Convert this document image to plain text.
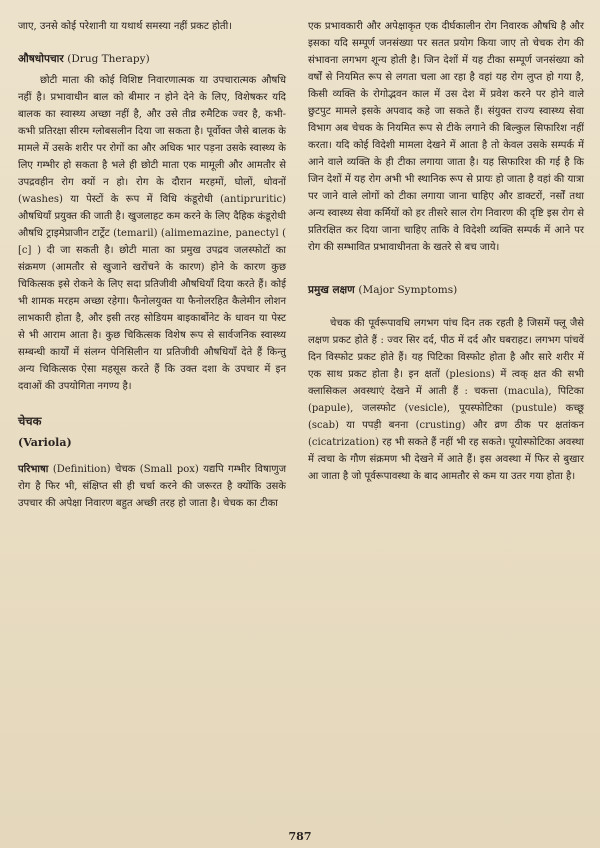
जाए, उनसे कोई परेशानी या यथार्थ समस्या नहीं प्रकट होती।

औषधोपचार (Drug Therapy)

छोटी माता की कोई विशिष्ट निवारणात्मक या उपचारात्मक औषधि नहीं है। प्रभावाधीन बाल को बीमार न होने देने के लिए, विशेषकर यदि बालक का स्वास्थ्य अच्छा नहीं है, और उसे तीव्र रुमैटिक ज्वर है, कभी-कभी प्रतिरक्षा सीरम ग्लोबसलीन दिया जा सकता है। पूर्वोक्त जैसे बालक के मामले में उसके शरीर पर रोगों का और अधिक भार पड़ना उसके स्वास्थ्य के लिए गम्भीर हो सकता है भले ही छोटी माता एक मामूली और आमतौर से उपद्रवहीन रोग क्यों न हो। रोग के दौरान मरहमों, घोलों, धोवनों (washes) या पेस्टों के रूप में विधि कंडूरोधी (antipruritic) औषधियाँ प्रयुक्त की जाती है। खुजलाहट कम करने के लिए दैहिक कंडूरोधी औषधि ट्राइमेप्राजीन टार्ट्रेट (temaril) (alimemazine, panectyl ( [c] ) दी जा सकती है। छोटी माता का प्रमुख उपद्रव जलस्फोटों का संक्रमण (आमतौर से खुजाने खरोंचने के कारण) होने के कारण कुछ चिकित्सक इसे रोकने के लिए सदा प्रतिजीवी औषधियाँ दिया करते हैं। कोई भी शामक मरहम अच्छा रहेगा। फैनोलयुक्त या फैनोलरहित कैलेमीन लोशन लाभकारी होता है, और इसी तरह सोडियम बाइकार्बोनेट के धावन या पेस्ट से भी आराम आता है। कुछ चिकित्सक विशेष रूप से सार्वजनिक स्वास्थ्य सम्बन्धी कार्यों में संलग्न पेनिसिलीन या प्रतिजीवी औषधियाँ देते हैं किन्तु अन्य चिकित्सक ऐसा महसूस करते हैं कि उक्त दशा के उपचार में इन दवाओं की उपयोगिता नगण्य है।

चेचक
(Variola)

परिभाषा (Definition) चेचक (Small pox) यद्यपि गम्भीर विषाणुज रोग है फिर भी, संक्षिप्त सी ही चर्चा करने की जरूरत है क्योंकि उसके उपचार की अपेक्षा निवारण बहुत अच्छी तरह हो जाता है। चेचक का टीका

एक प्रभावकारी और अपेक्षाकृत एक दीर्घकालीन रोग निवारक औषधि है और इसका यदि सम्पूर्ण जनसंख्या पर सतत प्रयोग किया जाए तो चेचक रोग की संभावना लगभग शून्य होती है। जिन देशों में यह टीका सम्पूर्ण जनसंख्या को वर्षों से नियमित रूप से लगता चला आ रहा है वहां यह रोग लुप्त हो गया है, किसी व्यक्ति के रोगोद्भवन काल में उस देश में प्रवेश करने पर होने वाले छुटपुट मामले इसके अपवाद कहे जा सकते हैं। संयुक्त राज्य स्वास्थ्य सेवा विभाग अब चेचक के नियमित रूप से टीके लगाने की बिल्कुल सिफारिश नहीं करता। यदि कोई विदेशी मामला देखने में आता है तो केवल उसके सम्पर्क में आने वाले व्यक्ति के ही टीका लगाया जाता है। यह सिफारिश की गई है कि जिन देशों में यह रोग अभी भी स्थानिक रूप से प्रायः हो जाता है वहां की यात्रा पर जाने वाले लोगों को टीका लगाया जाना चाहिए और डाक्टरों, नर्सों तथा अन्य स्वास्थ्य सेवा कर्मियों को हर तीसरे साल रोग निवारण की दृष्टि इस रोग से प्रतिरक्षित कर दिया जाना चाहिए ताकि वे विदेशी व्यक्ति सम्पर्क में आने पर रोग की सम्भावित प्रभावाधीनता के खतरे से बच जाये।

प्रमुख लक्षण (Major Symptoms)

चेचक की पूर्वरूपावधि लगभग पांच दिन तक रहती है जिसमें फ्लू जैसे लक्षण प्रकट होते हैं : ज्वर सिर दर्द, पीठ में दर्द और घबराहट। लगभग पांचवें दिन विस्फोट प्रकट होते हैं। यह पिटिका विस्फोट होता है और सारे शरीर में एक साथ प्रकट होता है। इन क्षतों (plesions) में त्वक् क्षत की सभी क्लासिकल अवस्थाएं देखने में आती हैं : चकत्ता (macula), पिटिका (papule), जलस्फोट (vesicle), पूयस्फोटिका (pustule) कच्छू (scab) या पपड़ी बनना (crusting) और व्रण ठीक पर क्षतांकन (cicatrization) रह भी सकते हैं नहीं भी रह सकते। पूयोस्फोटिका अवस्था में त्वचा के गौण संक्रमण भी देखने में आते हैं। इस अवस्था में फिर से बुखार आ जाता है जो पूर्वरूपावस्था के बाद आमतौर से कम या उतर गया होता है।

787
